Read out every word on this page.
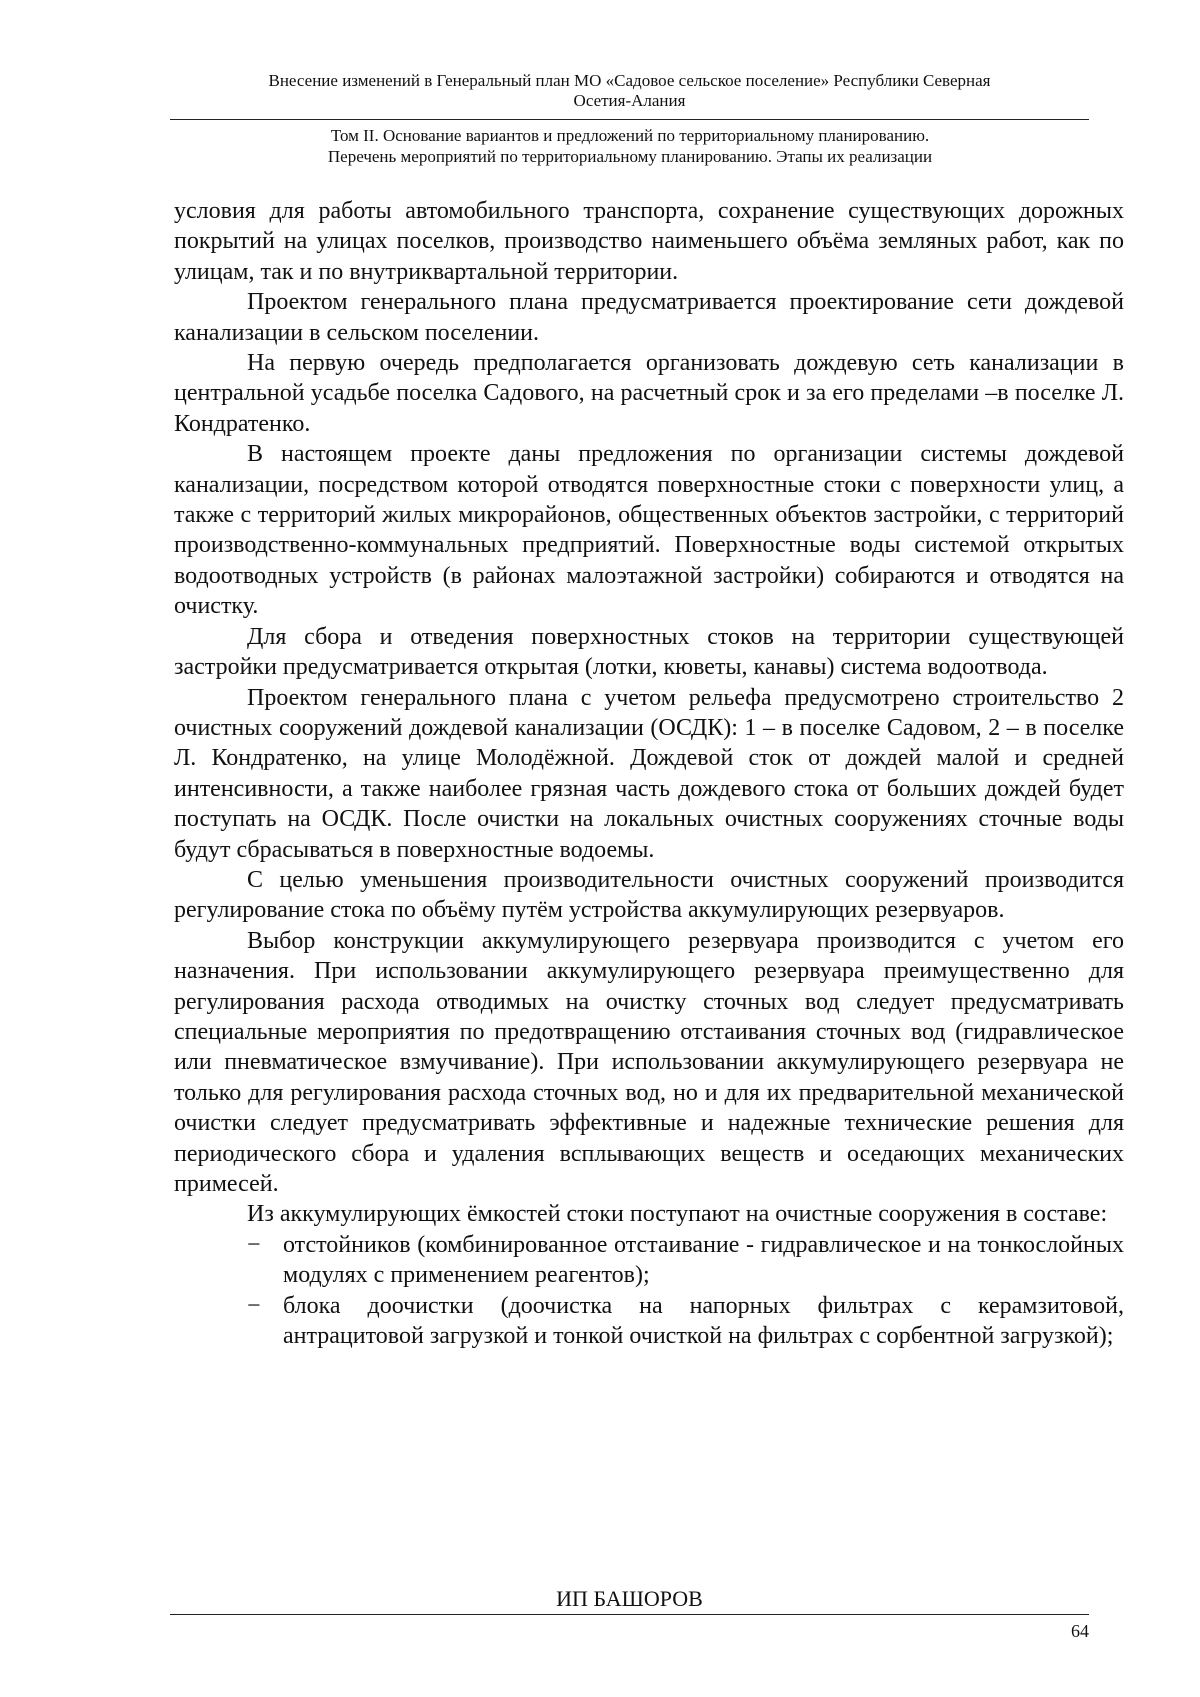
Внесение изменений в Генеральный план МО «Садовое сельское поселение» Республики Северная
Осетия-Алания
Том II. Основание вариантов и предложений по территориальному планированию.
Перечень мероприятий по территориальному планированию. Этапы их реализации

условия для работы автомобильного транспорта, сохранение существующих дорожных покрытий на улицах поселков, производство наименьшего объёма земляных работ, как по улицам, так и по внутриквартальной территории.

Проектом генерального плана предусматривается проектирование сети дождевой канализации в сельском поселении.

На первую очередь предполагается организовать дождевую сеть канализации в центральной усадьбе поселка Садового, на расчетный срок и за его пределами –в поселке Л. Кондратенко.

В настоящем проекте даны предложения по организации системы дождевой канализации, посредством которой отводятся поверхностные стоки с поверхности улиц, а также с территорий жилых микрорайонов, общественных объектов застройки, с территорий производственно-коммунальных предприятий. Поверхностные воды системой открытых водоотводных устройств (в районах малоэтажной застройки) собираются и отводятся на очистку.

Для сбора и отведения поверхностных стоков на территории существующей застройки предусматривается открытая (лотки, кюветы, канавы) система водоотвода.

Проектом генерального плана с учетом рельефа предусмотрено строительство 2 очистных сооружений дождевой канализации (ОСДК): 1 – в поселке Садовом, 2 – в поселке Л. Кондратенко, на улице Молодёжной. Дождевой сток от дождей малой и средней интенсивности, а также наиболее грязная часть дождевого стока от больших дождей будет поступать на ОСДК. После очистки на локальных очистных сооружениях сточные воды будут сбрасываться в поверхностные водоемы.

С целью уменьшения производительности очистных сооружений производится регулирование стока по объёму путём устройства аккумулирующих резервуаров.

Выбор конструкции аккумулирующего резервуара производится с учетом его назначения. При использовании аккумулирующего резервуара преимущественно для регулирования расхода отводимых на очистку сточных вод следует предусматривать специальные мероприятия по предотвращению отстаивания сточных вод (гидравлическое или пневматическое взмучивание). При использовании аккумулирующего резервуара не только для регулирования расхода сточных вод, но и для их предварительной механической очистки следует предусматривать эффективные и надежные технические решения для периодического сбора и удаления всплывающих веществ и оседающих механических примесей.

Из аккумулирующих ёмкостей стоки поступают на очистные сооружения в составе:

− отстойников (комбинированное отстаивание - гидравлическое и на тонкослойных модулях с применением реагентов);
− блока доочистки (доочистка на напорных фильтрах с керамзитовой, антрацитовой загрузкой и тонкой очисткой на фильтрах с сорбентной загрузкой);
ИП БАШОРОВ
64
